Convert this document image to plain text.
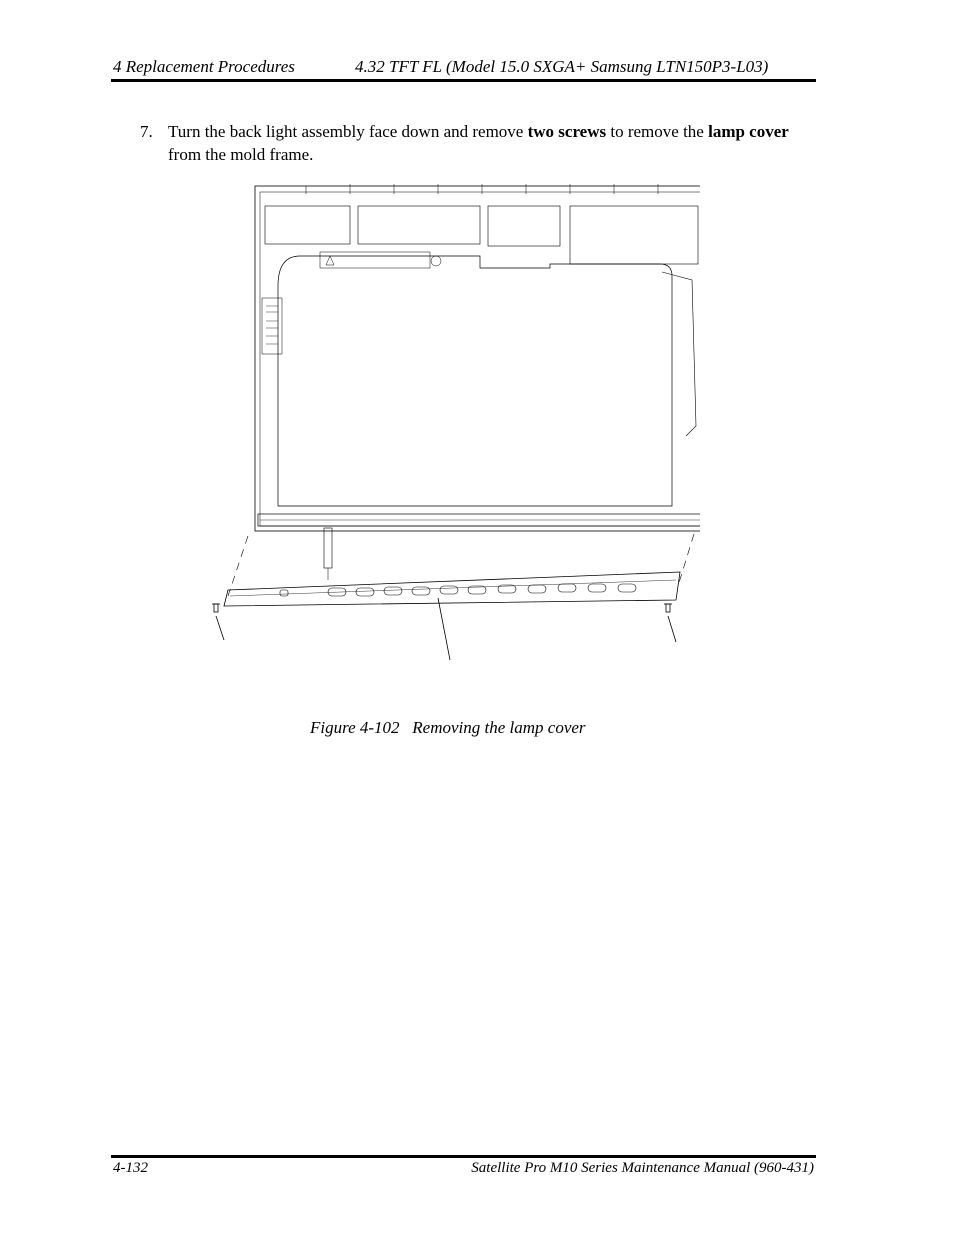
4 Replacement Procedures	4.32 TFT FL (Model 15.0 SXGA+ Samsung LTN150P3-L03)
7. Turn the back light assembly face down and remove two screws to remove the lamp cover from the mold frame.
Figure 4-102   Removing the lamp cover
4-132	Satellite Pro M10 Series Maintenance Manual (960-431)
